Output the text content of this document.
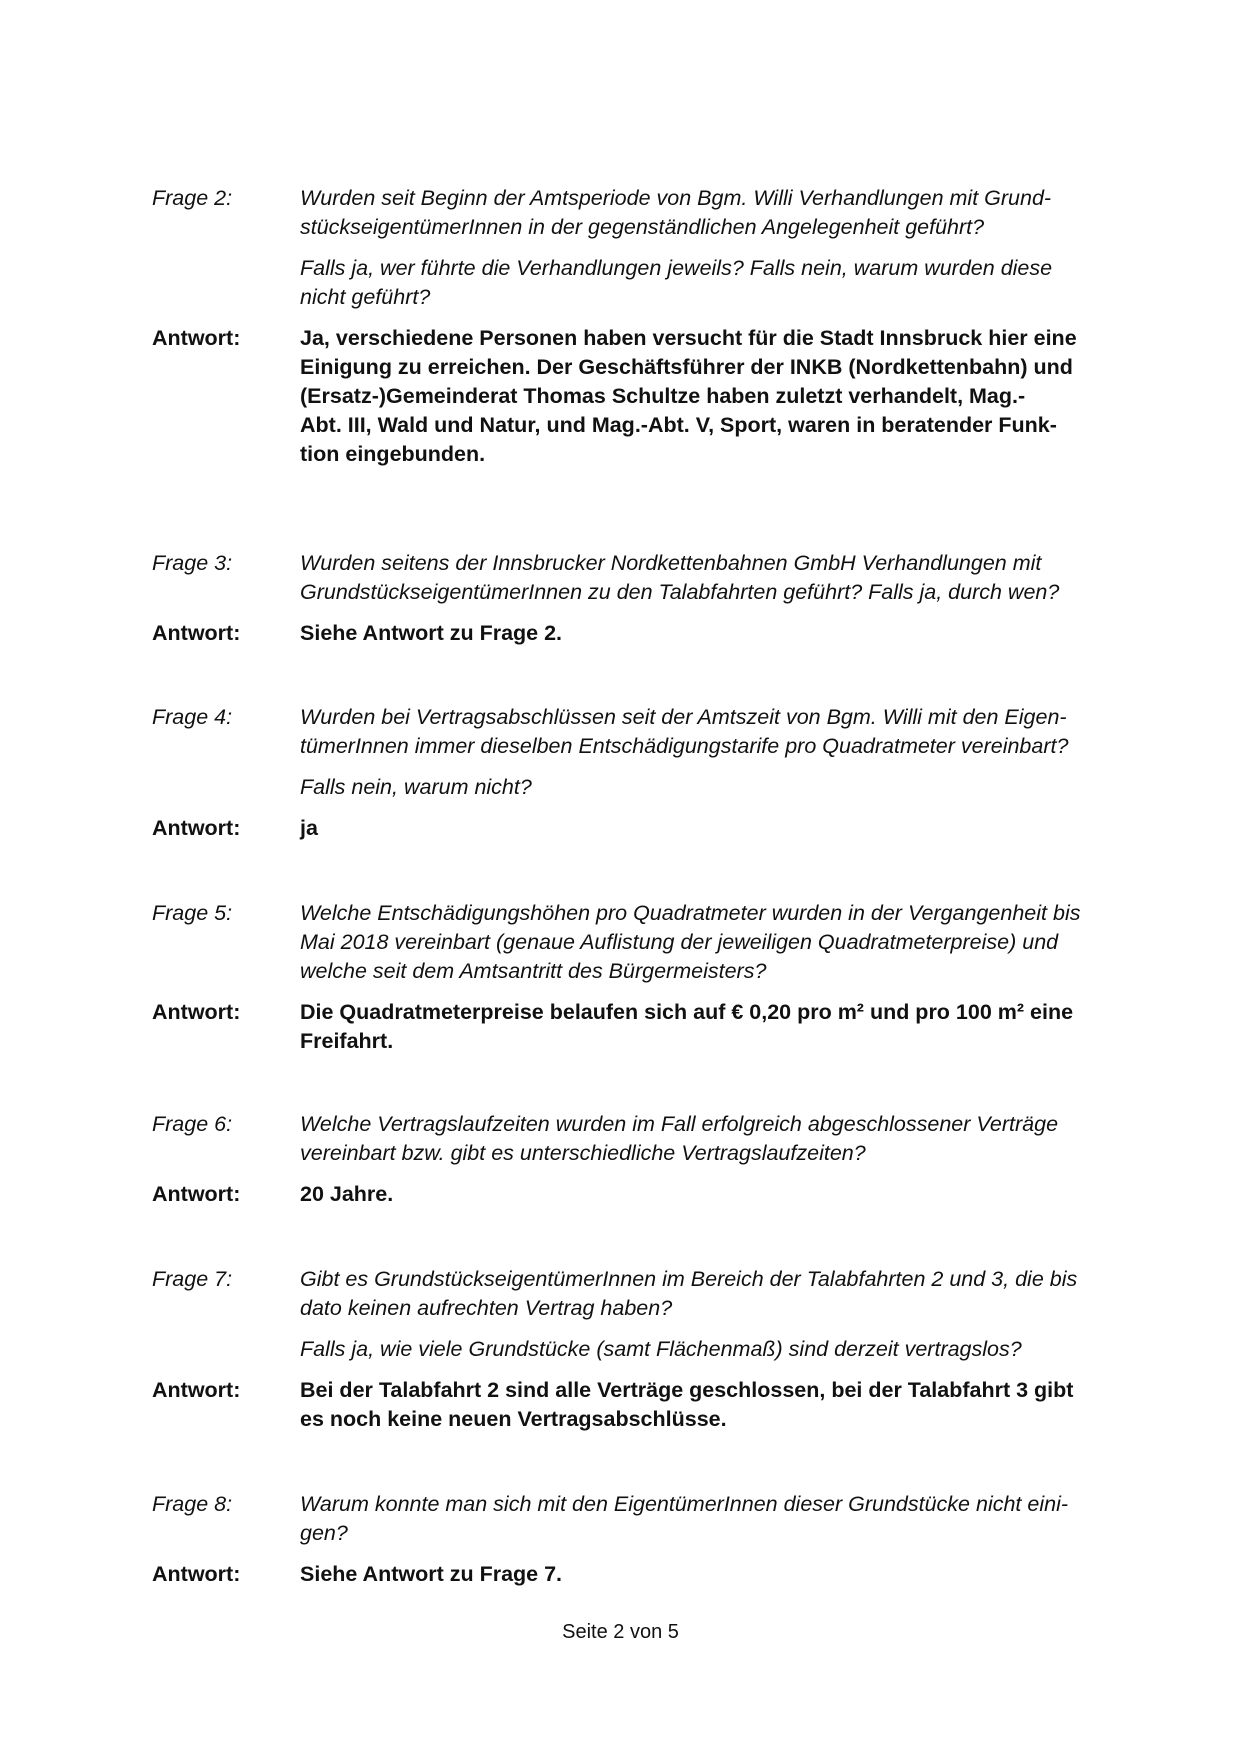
Frage 2:	Wurden seit Beginn der Amtsperiode von Bgm. Willi Verhandlungen mit Grund-
stückseigentümerInnen in der gegenständlichen Angelegenheit geführt?
Falls ja, wer führte die Verhandlungen jeweils? Falls nein, warum wurden diese
nicht geführt?
Antwort:	Ja, verschiedene Personen haben versucht für die Stadt Innsbruck hier eine
Einigung zu erreichen. Der Geschäftsführer der INKB (Nordkettenbahn) und
(Ersatz-)Gemeinderat Thomas Schultze haben zuletzt verhandelt, Mag.-
Abt. III, Wald und Natur, und Mag.-Abt. V, Sport, waren in beratender Funk-
tion eingebunden.
Frage 3:	Wurden seitens der Innsbrucker Nordkettenbahnen GmbH Verhandlungen mit
GrundstückseigentümerInnen zu den Talabfahrten geführt? Falls ja, durch wen?
Antwort:	Siehe Antwort zu Frage 2.
Frage 4:	Wurden bei Vertragsabschlüssen seit der Amtszeit von Bgm. Willi mit den Eigen-
tümerInnen immer dieselben Entschädigungstarife pro Quadratmeter vereinbart?
Falls nein, warum nicht?
Antwort:	ja
Frage 5:	Welche Entschädigungshöhen pro Quadratmeter wurden in der Vergangenheit bis
Mai 2018 vereinbart (genaue Auflistung der jeweiligen Quadratmeterpreise) und
welche seit dem Amtsantritt des Bürgermeisters?
Antwort:	Die Quadratmeterpreise belaufen sich auf € 0,20 pro m² und pro 100 m² eine
Freifahrt.
Frage 6:	Welche Vertragslaufzeiten wurden im Fall erfolgreich abgeschlossener Verträge
vereinbart bzw. gibt es unterschiedliche Vertragslaufzeiten?
Antwort:	20 Jahre.
Frage 7:	Gibt es GrundstückseigentümerInnen im Bereich der Talabfahrten 2 und 3, die bis
dato keinen aufrechten Vertrag haben?
Falls ja, wie viele Grundstücke (samt Flächenmaß) sind derzeit vertragslos?
Antwort:	Bei der Talabfahrt 2 sind alle Verträge geschlossen, bei der Talabfahrt 3 gibt
es noch keine neuen Vertragsabschlüsse.
Frage 8:	Warum konnte man sich mit den EigentümerInnen dieser Grundstücke nicht eini-
gen?
Antwort:	Siehe Antwort zu Frage 7.
Seite 2 von 5
